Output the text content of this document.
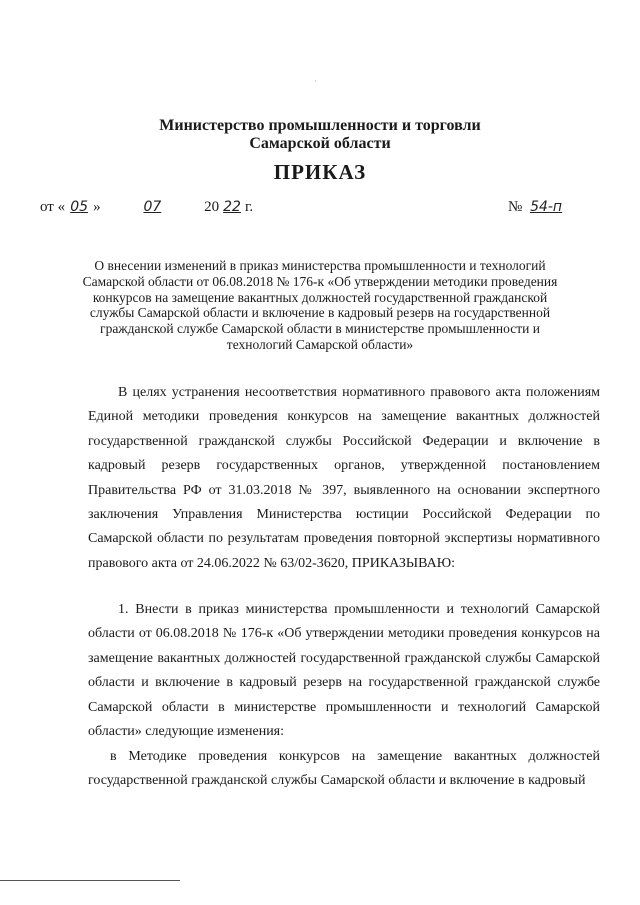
·
Министерство промышленности и торговли
Самарской области
ПРИКАЗ
от « 05 »	07	20 22 г.	№ 54-п
О внесении изменений в приказ министерства промышленности и технологий Самарской области от 06.08.2018 № 176-к «Об утверждении методики проведения конкурсов на замещение вакантных должностей государственной гражданской службы Самарской области и включение в кадровый резерв на государственной гражданской службе Самарской области в министерстве промышленности и технологий Самарской области»
В целях устранения несоответствия нормативного правового акта положениям Единой методики проведения конкурсов на замещение вакантных должностей государственной гражданской службы Российской Федерации и включение в кадровый резерв государственных органов, утвержденной постановлением Правительства РФ от 31.03.2018 № 397, выявленного на основании экспертного заключения Управления Министерства юстиции Российской Федерации по Самарской области по результатам проведения повторной экспертизы нормативного правового акта от 24.06.2022 № 63/02-3620, ПРИКАЗЫВАЮ:
1. Внести в приказ министерства промышленности и технологий Самарской области от 06.08.2018 № 176-к «Об утверждении методики проведения конкурсов на замещение вакантных должностей государственной гражданской службы Самарской области и включение в кадровый резерв на государственной гражданской службе Самарской области в министерстве промышленности и технологий Самарской области» следующие изменения:
в Методике проведения конкурсов на замещение вакантных должностей государственной гражданской службы Самарской области и включение в кадровый
